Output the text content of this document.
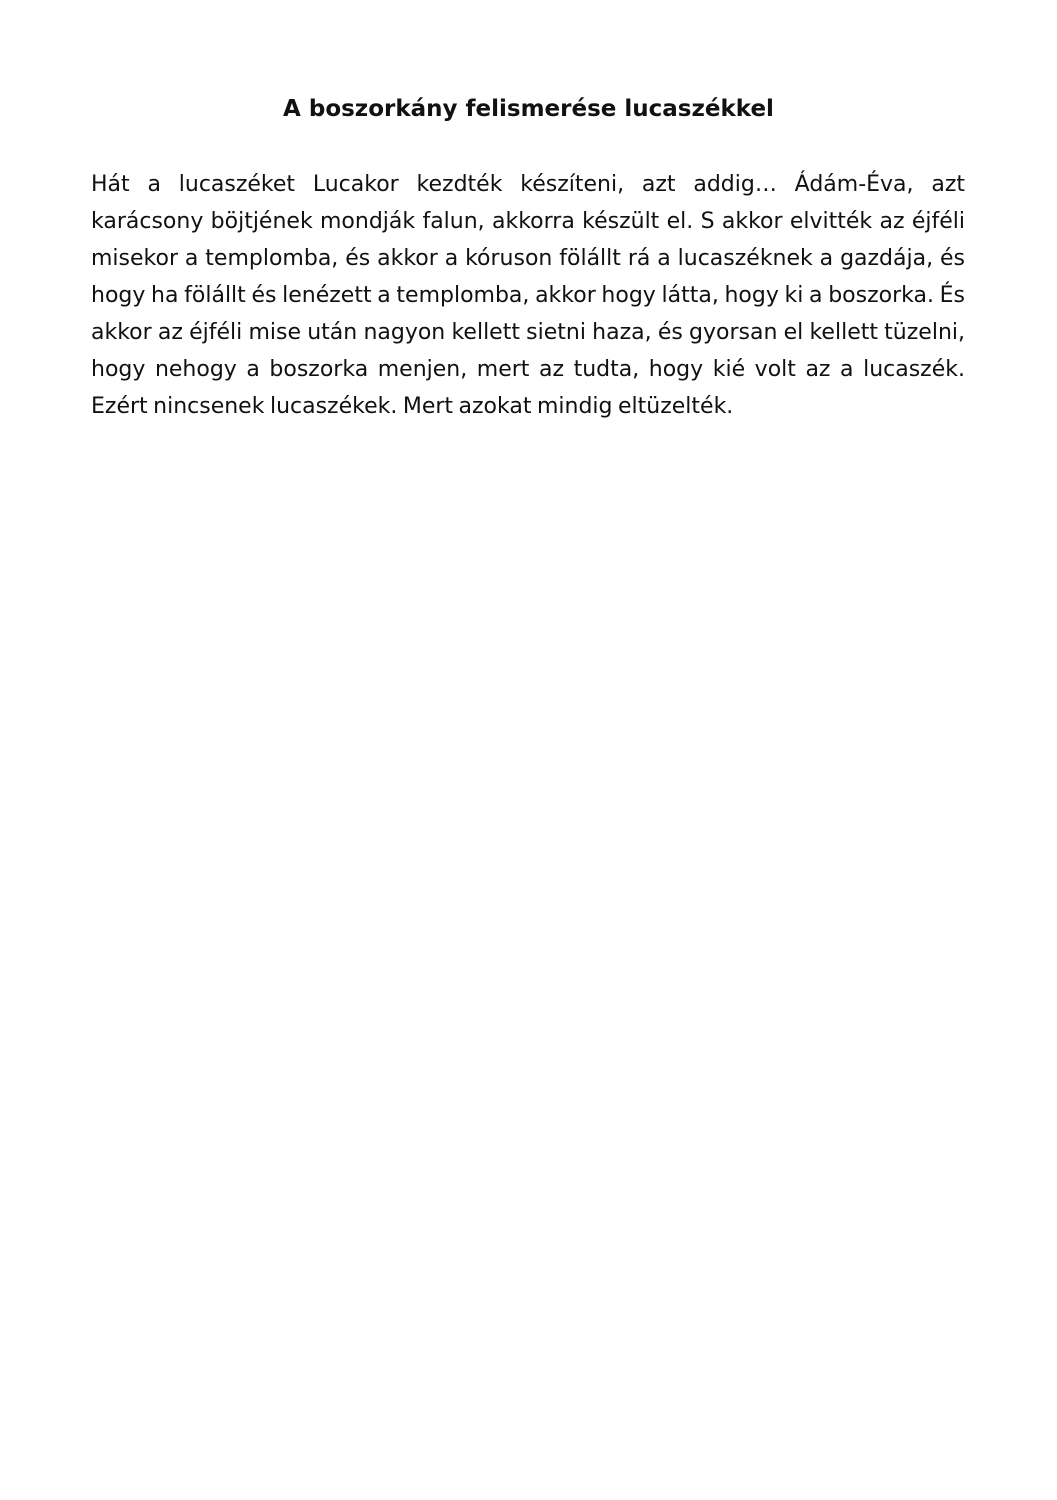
A boszorkány felismerése lucaszékkel

Hát a lucaszéket Lucakor kezdték készíteni, azt addig… Ádám-Éva, azt karácsony böjtjének mondják falun, akkorra készült el. S akkor elvitték az éjféli misekor a templomba, és akkor a kóruson fölállt rá a lucaszéknek a gazdája, és hogy ha fölállt és lenézett a templomba, akkor hogy látta, hogy ki a boszorka. És akkor az éjféli mise után nagyon kellett sietni haza, és gyorsan el kellett tüzelni, hogy nehogy a boszorka menjen, mert az tudta, hogy kié volt az a lucaszék. Ezért nincsenek lucaszékek. Mert azokat mindig eltüzelték.
